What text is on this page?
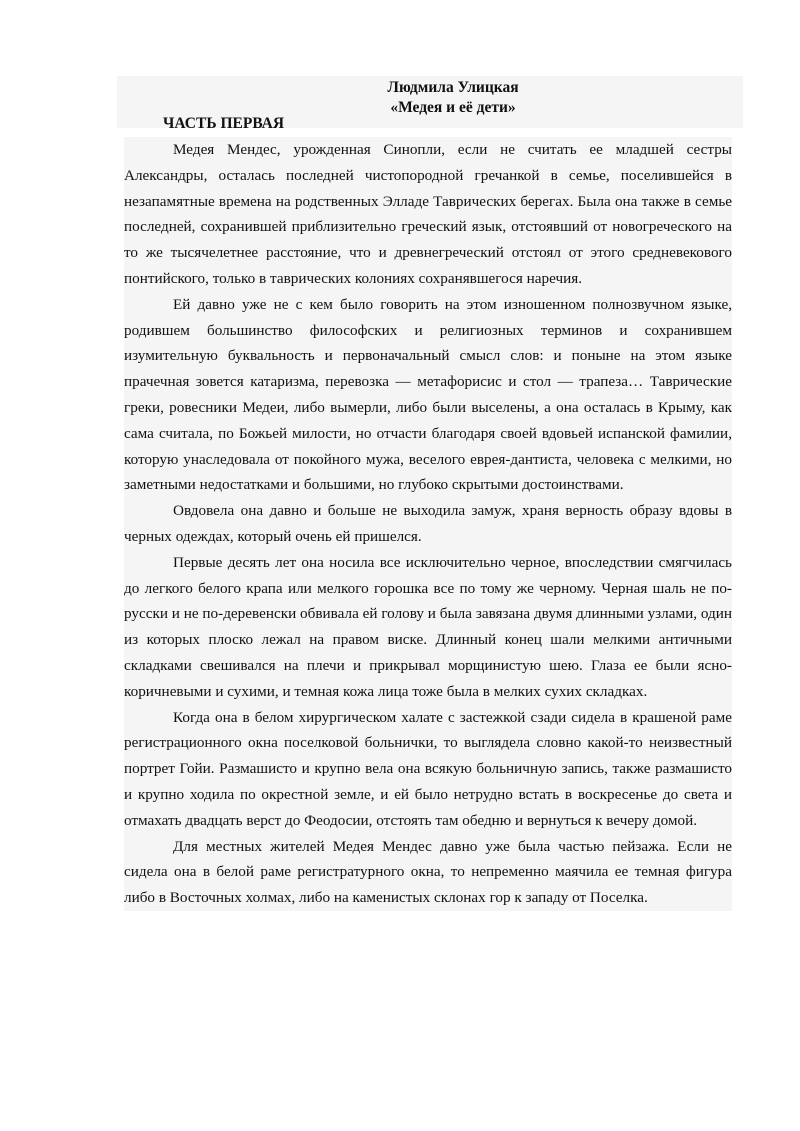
Людмила Улицкая
«Медея и её дети»
ЧАСТЬ ПЕРВАЯ

Медея Мендес, урожденная Синопли, если не считать ее младшей сестры Александры, осталась последней чистопородной гречанкой в семье, поселившейся в незапамятные времена на родственных Элладе Таврических берегах. Была она также в семье последней, сохранившей приблизительно греческий язык, отстоявший от новогреческого на то же тысячелетнее расстояние, что и древнегреческий отстоял от этого средневекового понтийского, только в таврических колониях сохранявшегося наречия.

Ей давно уже не с кем было говорить на этом изношенном полнозвучном языке, родившем большинство философских и религиозных терминов и сохранившем изумительную буквальность и первоначальный смысл слов: и поныне на этом языке прачечная зовется катаризма, перевозка — метафорисис и стол — трапеза… Таврические греки, ровесники Медеи, либо вымерли, либо были выселены, а она осталась в Крыму, как сама считала, по Божьей милости, но отчасти благодаря своей вдовьей испанской фамилии, которую унаследовала от покойного мужа, веселого еврея-дантиста, человека с мелкими, но заметными недостатками и большими, но глубоко скрытыми достоинствами.

Овдовела она давно и больше не выходила замуж, храня верность образу вдовы в черных одеждах, который очень ей пришелся.

Первые десять лет она носила все исключительно черное, впоследствии смягчилась до легкого белого крапа или мелкого горошка все по тому же черному. Черная шаль не по-русски и не по-деревенски обвивала ей голову и была завязана двумя длинными узлами, один из которых плоско лежал на правом виске. Длинный конец шали мелкими античными складками свешивался на плечи и прикрывал морщинистую шею. Глаза ее были ясно-коричневыми и сухими, и темная кожа лица тоже была в мелких сухих складках.

Когда она в белом хирургическом халате с застежкой сзади сидела в крашеной раме регистрационного окна поселковой больнички, то выглядела словно какой-то неизвестный портрет Гойи. Размашисто и крупно вела она всякую больничную запись, также размашисто и крупно ходила по окрестной земле, и ей было нетрудно встать в воскресенье до света и отмахать двадцать верст до Феодосии, отстоять там обедню и вернуться к вечеру домой.

Для местных жителей Медея Мендес давно уже была частью пейзажа. Если не сидела она в белой раме регистратурного окна, то непременно маячила ее темная фигура либо в Восточных холмах, либо на каменистых склонах гор к западу от Поселка.
